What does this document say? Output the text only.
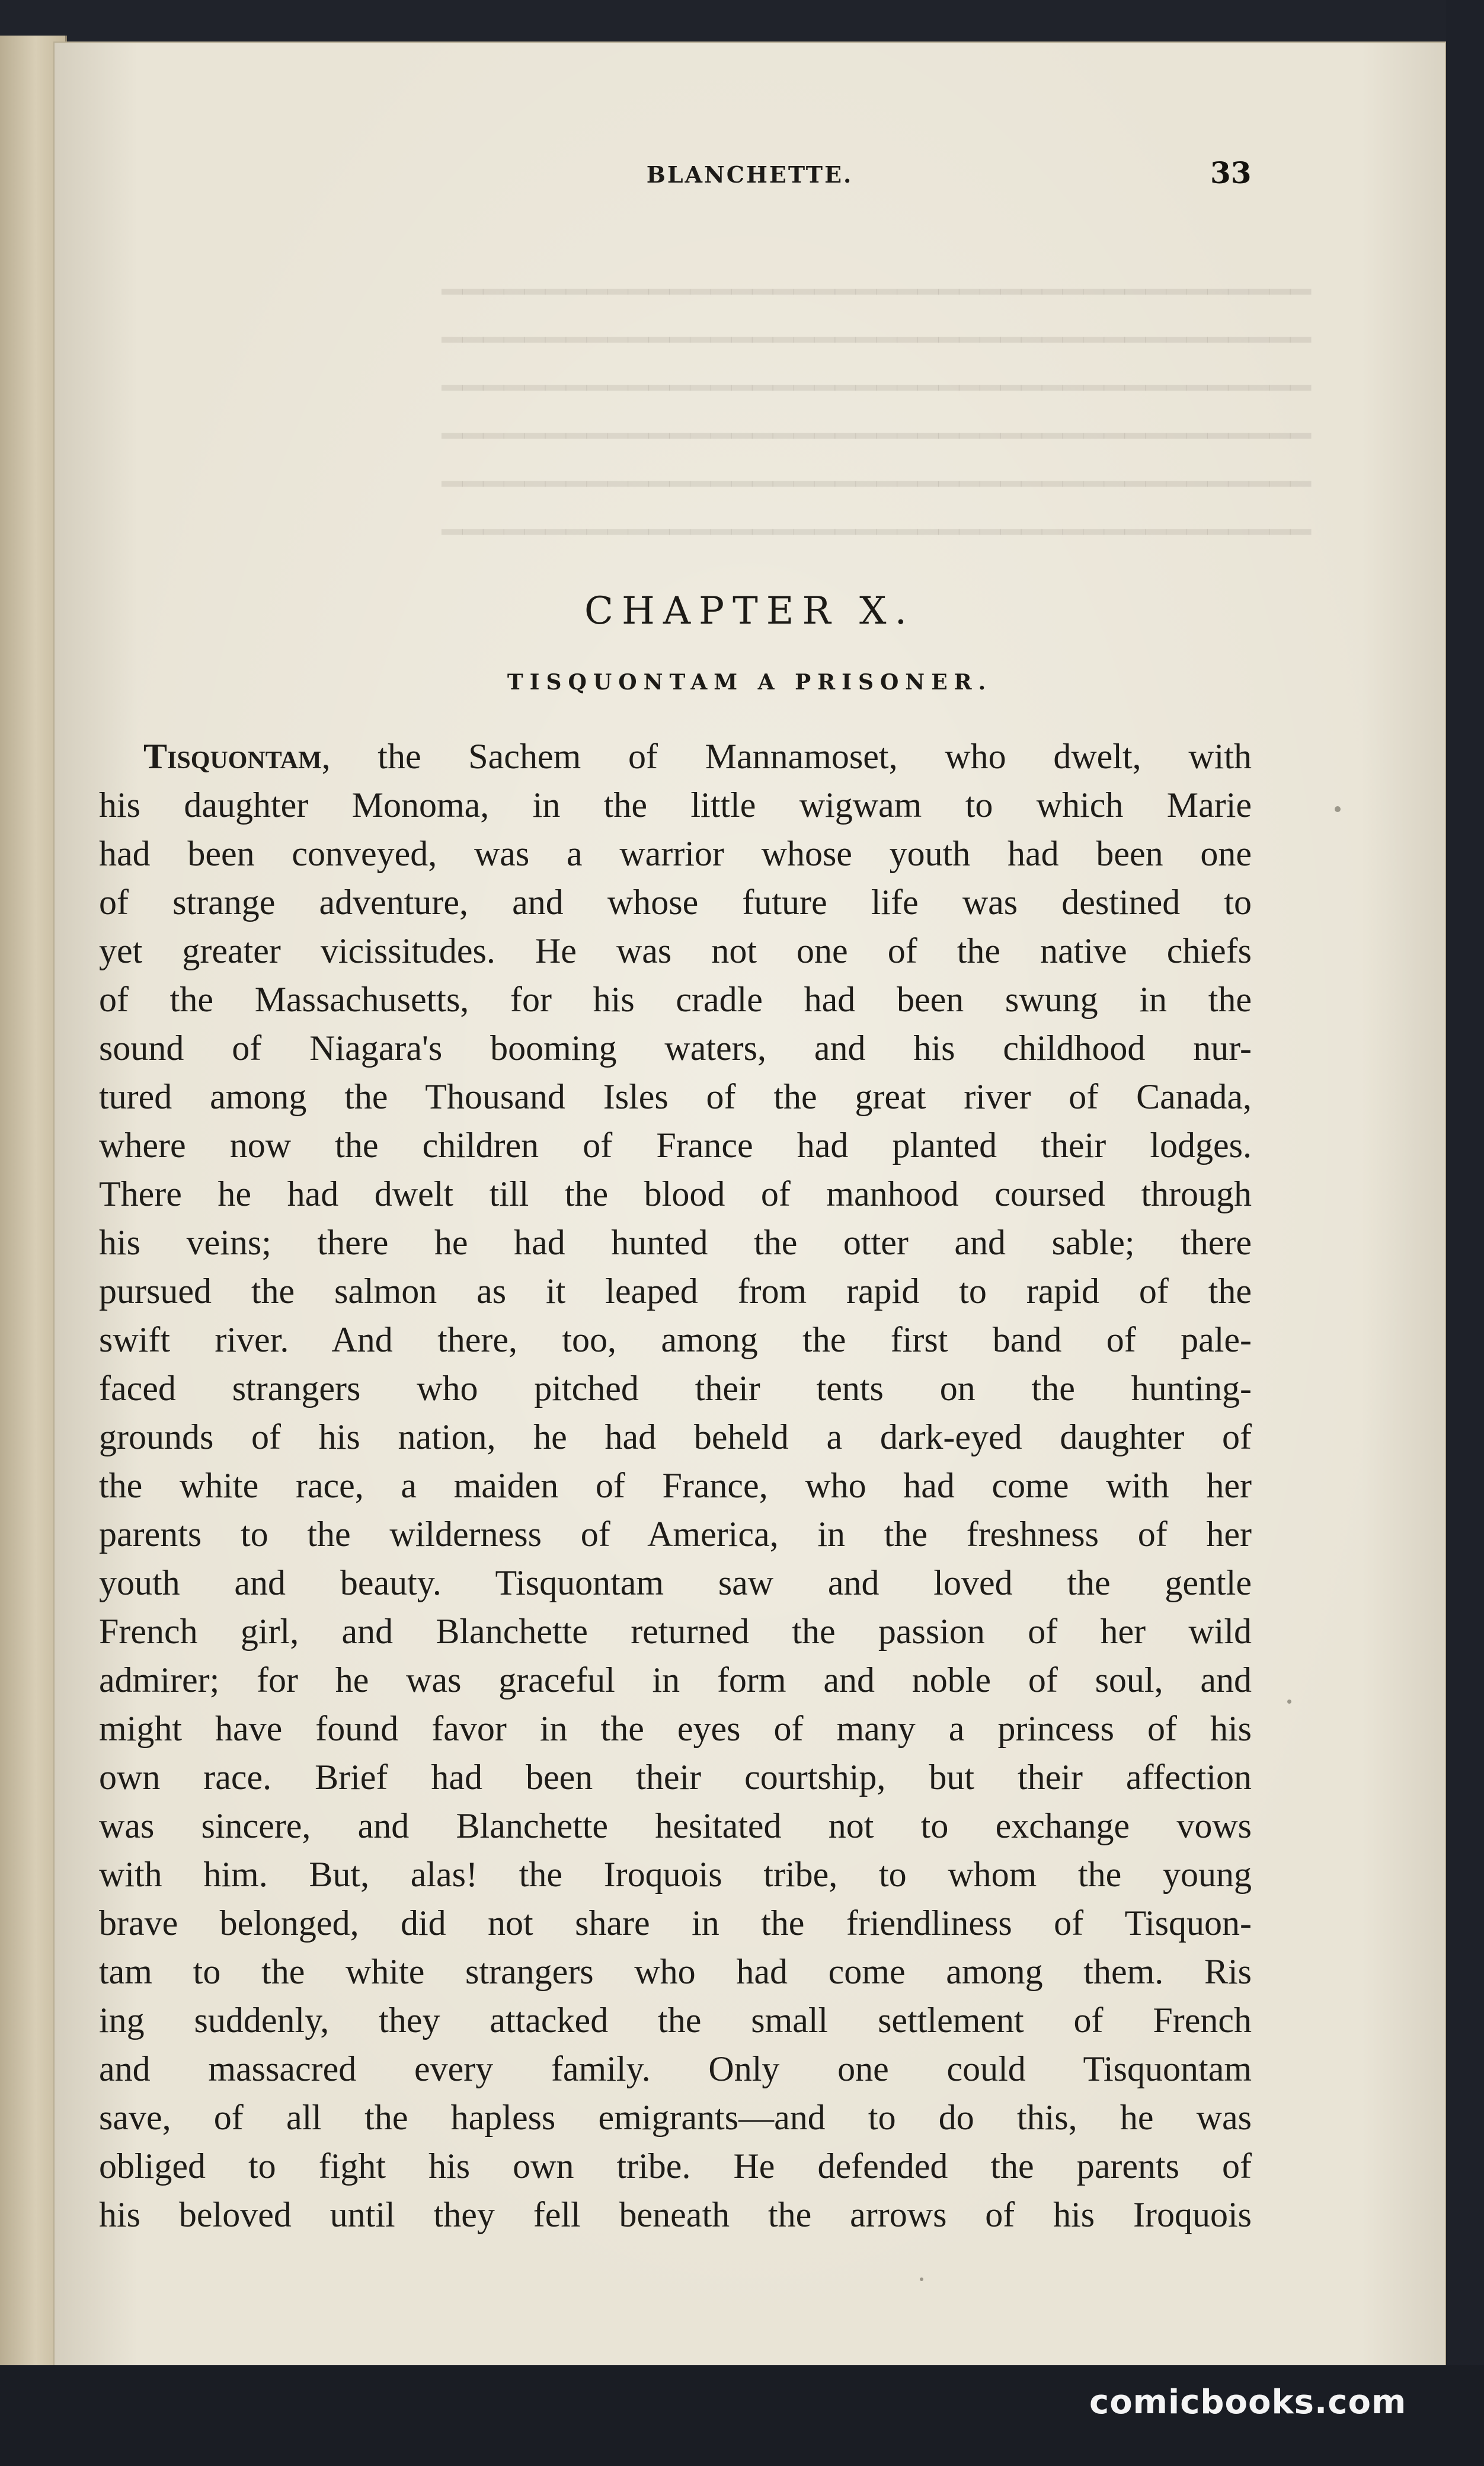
━━━━━━━━━━━━━━━━━━━━━━━━━━━━━━━━━━━━━━━━━━
━━━━━━━━━━━━━━━━━━━━━━━━━━━━━━━━━━━━━━━━━━
━━━━━━━━━━━━━━━━━━━━━━━━━━━━━━━━━━━━━━━━━━
━━━━━━━━━━━━━━━━━━━━━━━━━━━━━━━━━━━━━━━━━━
━━━━━━━━━━━━━━━━━━━━━━━━━━━━━━━━━━━━━━━━━━
━━━━━━━━━━━━━━━━━━━━━━━━━━━━━━━━━━━━━━━━━━
BLANCHETTE.	33
CHAPTER X.
TISQUONTAM A PRISONER.
Tisquontam, the Sachem of Mannamoset, who dwelt, with
his daughter Monoma, in the little wigwam to which Marie
had been conveyed, was a warrior whose youth had been one
of strange adventure, and whose future life was destined to
yet greater vicissitudes. He was not one of the native chiefs
of the Massachusetts, for his cradle had been swung in the
sound of Niagara's booming waters, and his childhood nur-
tured among the Thousand Isles of the great river of Canada,
where now the children of France had planted their lodges.
There he had dwelt till the blood of manhood coursed through
his veins; there he had hunted the otter and sable; there
pursued the salmon as it leaped from rapid to rapid of the
swift river. And there, too, among the first band of pale-
faced strangers who pitched their tents on the hunting-
grounds of his nation, he had beheld a dark-eyed daughter of
the white race, a maiden of France, who had come with her
parents to the wilderness of America, in the freshness of her
youth and beauty. Tisquontam saw and loved the gentle
French girl, and Blanchette returned the passion of her wild
admirer; for he was graceful in form and noble of soul, and
might have found favor in the eyes of many a princess of his
own race. Brief had been their courtship, but their affection
was sincere, and Blanchette hesitated not to exchange vows
with him. But, alas! the Iroquois tribe, to whom the young
brave belonged, did not share in the friendliness of Tisquon-
tam to the white strangers who had come among them. Ris
ing suddenly, they attacked the small settlement of French
and massacred every family. Only one could Tisquontam
save, of all the hapless emigrants—and to do this, he was
obliged to fight his own tribe. He defended the parents of
his beloved until they fell beneath the arrows of his Iroquois
comicbooks.com
